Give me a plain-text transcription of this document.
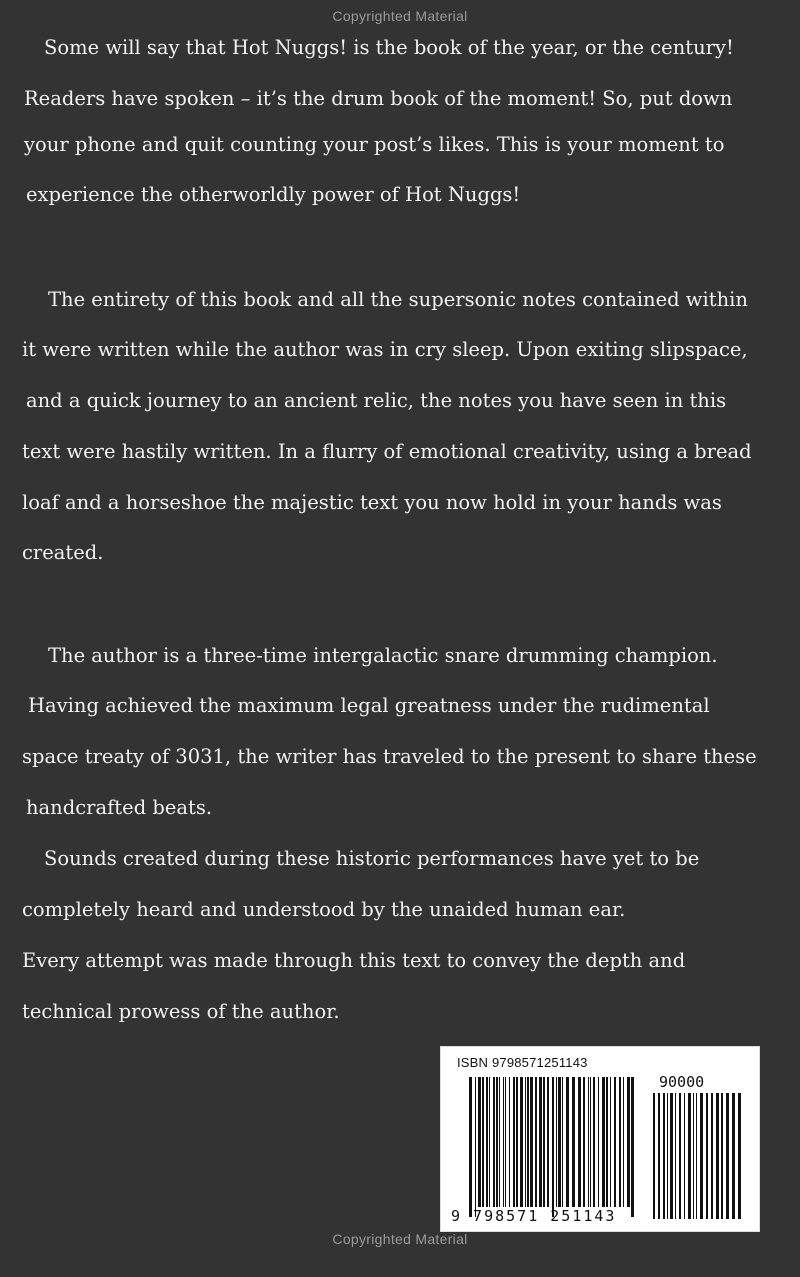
Copyrighted Material
Some will say that Hot Nuggs! is the book of the year, or the century!
Readers have spoken – it’s the drum book of the moment! So, put down
your phone and quit counting your post’s likes. This is your moment to
experience the otherworldly power of Hot Nuggs!
The entirety of this book and all the supersonic notes contained within
it were written while the author was in cry sleep. Upon exiting slipspace,
and a quick journey to an ancient relic, the notes you have seen in this
text were hastily written. In a flurry of emotional creativity, using a bread
loaf and a horseshoe the majestic text you now hold in your hands was
created.
The author is a three-time intergalactic snare drumming champion.
Having achieved the maximum legal greatness under the rudimental
space treaty of 3031, the writer has traveled to the present to share these
handcrafted beats.
Sounds created during these historic performances have yet to be
completely heard and understood by the unaided human ear.
Every attempt was made through this text to convey the depth and
technical prowess of the author.
ISBN 9798571251143
90000
9 798571 251143
Copyrighted Material
